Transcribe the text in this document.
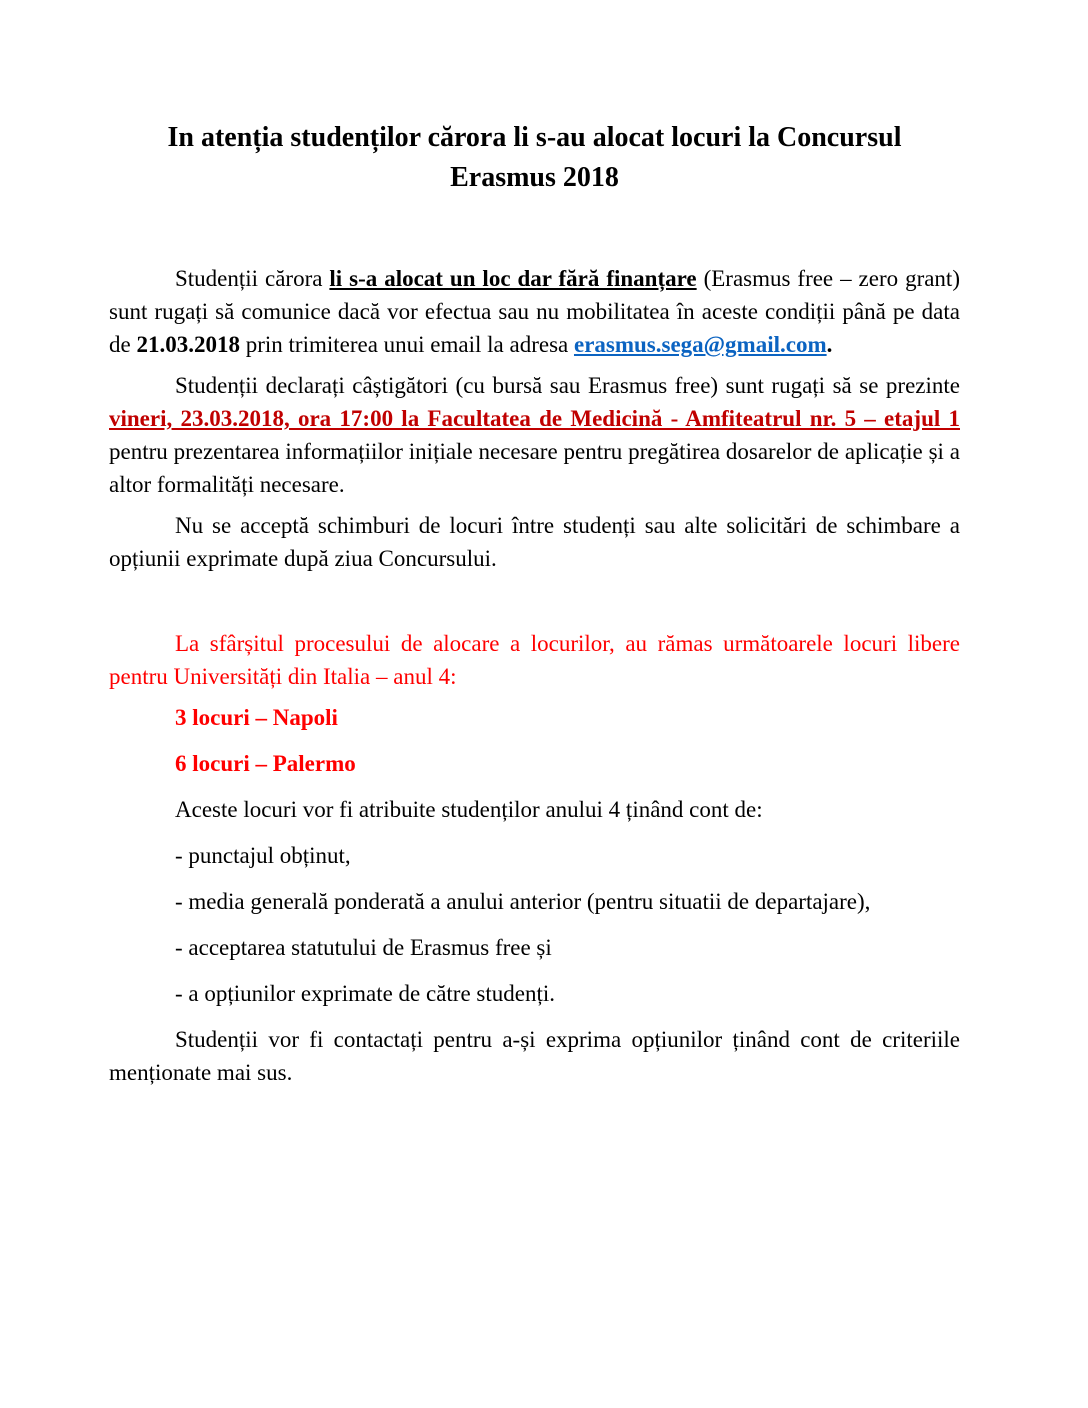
In atenția studenților cărora li s-au alocat locuri la Concursul
Erasmus 2018

Studenții cărora li s-a alocat un loc dar fără finanțare (Erasmus free – zero grant) sunt rugați să comunice dacă vor efectua sau nu mobilitatea în aceste condiții până pe data de 21.03.2018 prin trimiterea unui email la adresa erasmus.sega@gmail.com.

Studenții declarați câștigători (cu bursă sau Erasmus free) sunt rugați să se prezinte vineri, 23.03.2018, ora 17:00 la Facultatea de Medicină - Amfiteatrul nr. 5 – etajul 1 pentru prezentarea informațiilor inițiale necesare pentru pregătirea dosarelor de aplicație și a altor formalități necesare.

Nu se acceptă schimburi de locuri între studenți sau alte solicitări de schimbare a opțiunii exprimate după ziua Concursului.

La sfârșitul procesului de alocare a locurilor, au rămas următoarele locuri libere pentru Universități din Italia – anul 4:

3 locuri – Napoli

6 locuri – Palermo

Aceste locuri vor fi atribuite studenților anului 4 ținând cont de:

- punctajul obținut,

- media generală ponderată a anului anterior (pentru situatii de departajare),

- acceptarea statutului de Erasmus free și

- a opțiunilor exprimate de către studenți.

Studenții vor fi contactați pentru a-și exprima opțiunilor ținând cont de criteriile menționate mai sus.
